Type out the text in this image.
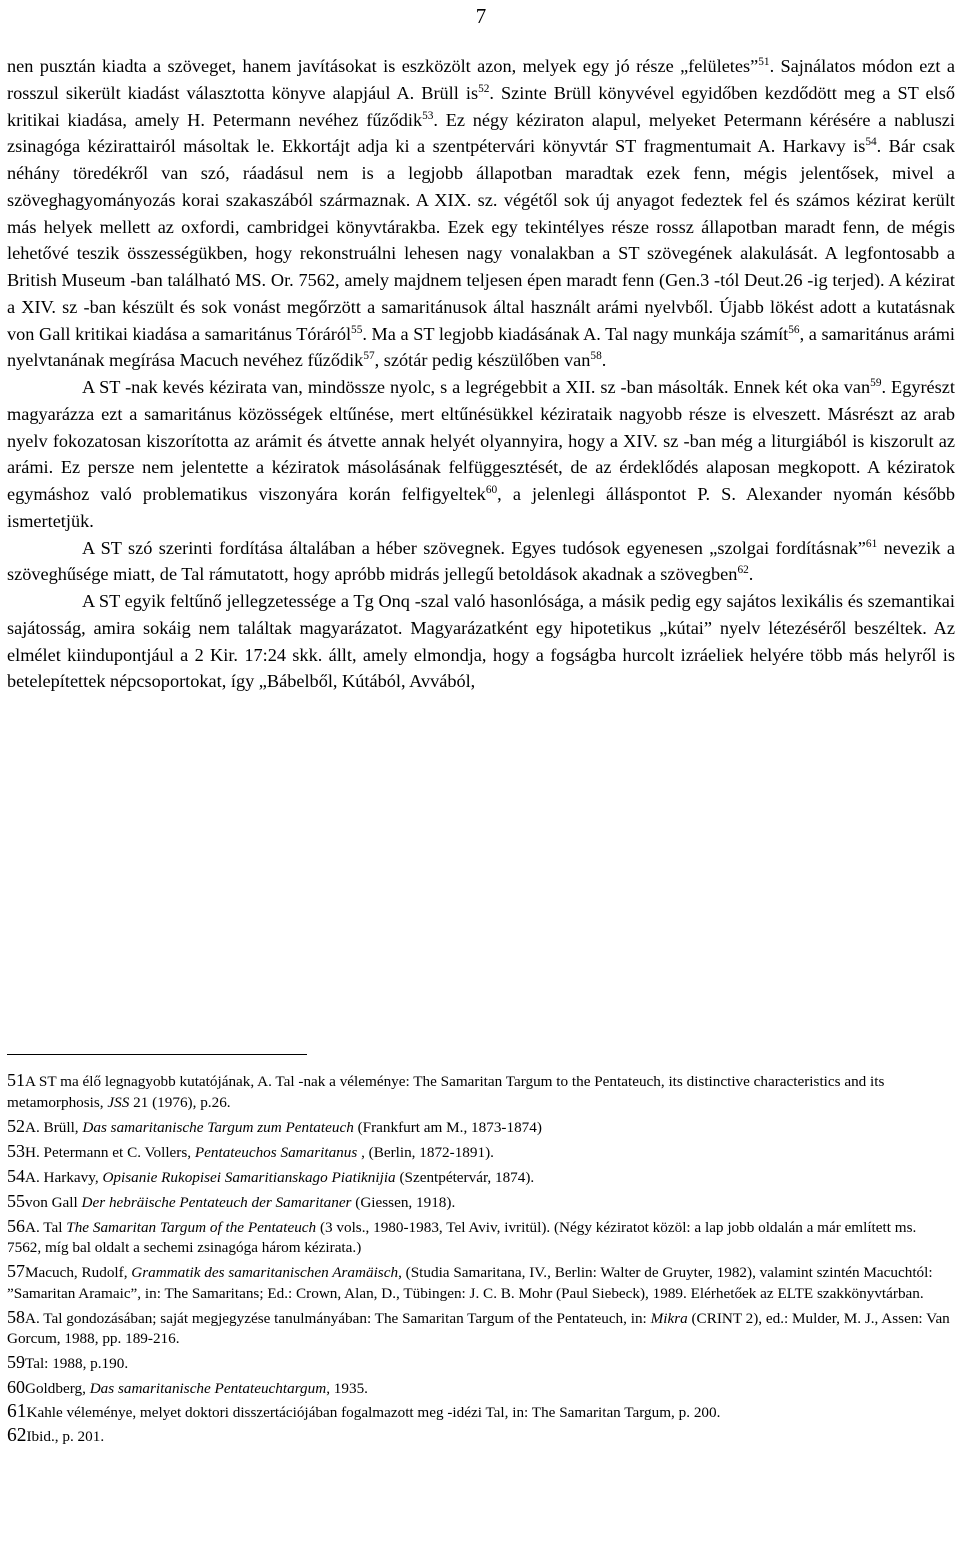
7

nen pusztán kiadta a szöveget, hanem javításokat is eszközölt azon, melyek egy jó része „felületes”$^{51}$. Sajnálatos módon ezt a rosszul sikerült kiadást választotta könyve alapjául A. Brüll $is^{52}$. Szinte Brüll könyvével egyidőben kezdődött meg a ST első kritikai kiadása, amely H. Petermann nevéhez fűződik$^{53}$. Ez négy kéziraton alapul, melyeket Petermann kérésére a nabluszi zsinagóga kézirattairól másoltak le. Ekkortájt adja ki a szentpétervári könyvtár ST fragmentumait A. Harkavy $is^{54}$. Bár csak néhány töredékről van szó, ráadásul nem is a legjobb állapotban maradtak ezek fenn, mégis jelentősek, mivel a szöveghagyományozás korai szakaszából származnak. A XIX. sz. végétől sok új anyagot fedeztek fel és számos kézirat került más helyek mellett az oxfordi, cambridgei könyvtárakba. Ezek egy tekintélyes része rossz állapotban maradt fenn, de mégis lehetővé teszik összességükben, hogy rekonstruálni lehesen nagy vonalakban a ST szövegének alakulását. A legfontosabb a British Museum -ban található MS. Or. 7562, amely majdnem teljesen épen maradt fenn (Gen.3 -tól Deut.26 -ig terjed). A kézirat a XIV. sz -ban készült és sok vonást megőrzött a samaritánusok által használt arámi nyelvből. Újabb lökést adott a kutatásnak von Gall kritikai kiadása a samaritánus Tóráról$^{55}$. Ma a ST legjobb kiadásának A. Tal nagy munkája számít$^{56}$, a samaritánus arámi nyelvtanának megírása Macuch nevéhez fűződik$^{57}$, szótár pedig készülőben van$^{58}$.

A ST -nak kevés kézirata van, mindössze nyolc, s a legrégebbit a XII. sz -ban másolták. Ennek két oka van$^{59}$. Egyrészt magyarázza ezt a samaritánus közösségek eltűnése, mert eltűnésükkel kézirataik nagyobb része is elveszett. Másrészt az arab nyelv fokozatosan kiszorította az arámit és átvette annak helyét olyannyira, hogy a XIV. sz -ban még a liturgiából is kiszorult az arámi. Ez persze nem jelentette a kéziratok másolásának felfüggesztését, de az érdeklődés alaposan megkopott. A kéziratok egymáshoz való problematikus viszonyára korán felfigyeltek$^{60}$, a jelenlegi álláspontot P. S. Alexander nyomán később ismertetjük.

A ST szó szerinti fordítása általában a héber szövegnek. Egyes tudósok egyenesen „szolgai fordításnak”$^{61}$ nevezik a szöveghűsége miatt, de Tal rámutatott, hogy apróbb midrás jellegű betoldások akadnak a szövegben$^{62}$.

A ST egyik feltűnő jellegzetessége a Tg Onq -szal való hasonlósága, a másik pedig egy sajátos lexikális és szemantikai sajátosság, amira sokáig nem találtak magyarázatot. Magyarázatként egy hipotetikus „kútai” nyelv létezéséről beszéltek. Az elmélet kiindupontjául a 2 Kir. 17:24 skk. állt, amely elmondja, hogy a fogságba hurcolt izráeliek helyére több más helyről is betelepítettek népcsoportokat, így „Bábelből, Kútából, Avvából,

51A ST ma élő legnagyobb kutatójának, A. Tal -nak a véleménye: The Samaritan Targum to the Pentateuch, its distinctive characteristics and its metamorphosis, JSS 21 (1976), p.26.
52A. Brüll, Das samaritanische Targum zum Pentateuch (Frankfurt am M., 1873-1874)
53H. Petermann et C. Vollers, Pentateuchos Samaritanus , (Berlin, 1872-1891).
54A. Harkavy, Opisanie Rukopisei Samaritianskago Piatiknijia (Szentpétervár, 1874).
55von Gall Der hebräische Pentateuch der Samaritaner (Giessen, 1918).
56A. Tal The Samaritan Targum of the Pentateuch (3 vols., 1980-1983, Tel Aviv, ivritül). (Négy kéziratot közöl: a lap jobb oldalán a már említett ms. 7562, míg bal oldalt a sechemi zsinagóga három kézirata.)
57Macuch, Rudolf, Grammatik des samaritanischen Aramäisch, (Studia Samaritana, IV., Berlin: Walter de Gruyter, 1982), valamint szintén Macuchtól: ”Samaritan Aramaic”, in: The Samaritans; Ed.: Crown, Alan, D., Tübingen: J. C. B. Mohr (Paul Siebeck), 1989. Elérhetőek az ELTE szakkönyvtárban.
58A. Tal gondozásában; saját megjegyzése tanulmányában: The Samaritan Targum of the Pentateuch, in: Mikra (CRINT 2), ed.: Mulder, M. J., Assen: Van Gorcum, 1988, pp. 189-216.
59Tal: 1988, p.190.
60Goldberg, Das samaritanische Pentateuchtargum, 1935.
61Kahle véleménye, melyet doktori disszertációjában fogalmazott meg -idézi Tal, in: The Samaritan Targum, p. 200.
62Ibid., p. 201.
